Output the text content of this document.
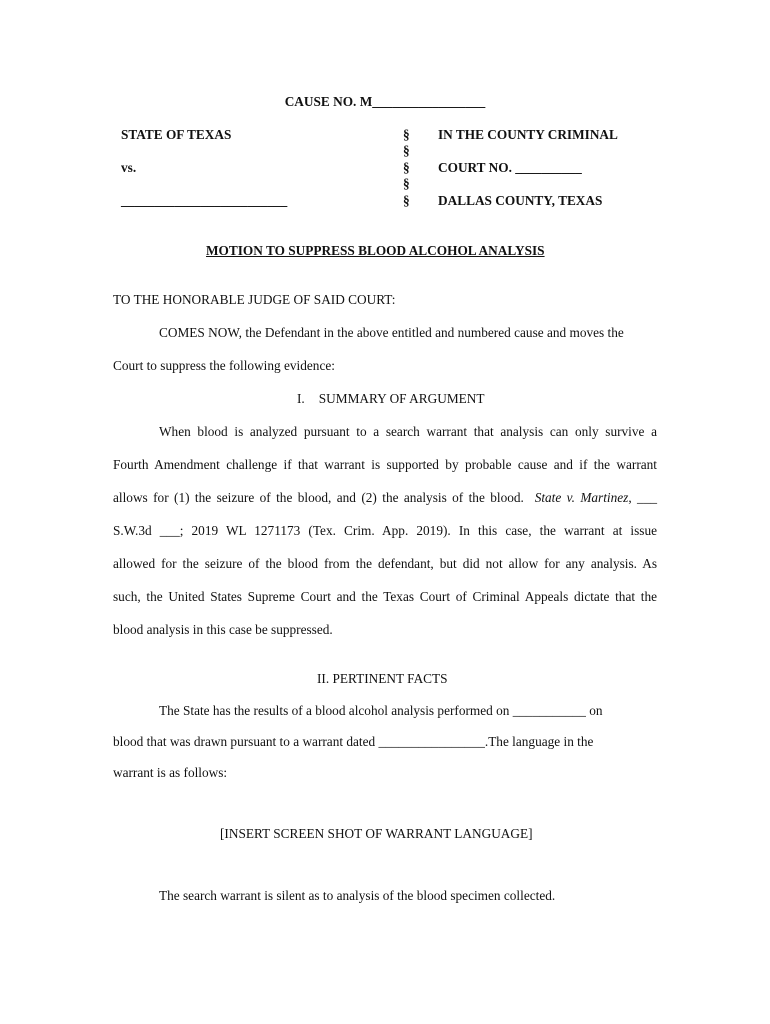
CAUSE NO. M_________________
STATE OF TEXAS
vs.
_________________________
§
§
§
§
§
IN THE COUNTY CRIMINAL
COURT NO. __________
DALLAS COUNTY, TEXAS
MOTION TO SUPPRESS BLOOD ALCOHOL ANALYSIS
TO THE HONORABLE JUDGE OF SAID COURT:
COMES NOW, the Defendant in the above entitled and numbered cause and moves the
Court to suppress the following evidence:
I. SUMMARY OF ARGUMENT
When blood is analyzed pursuant to a search warrant that analysis can only survive a
Fourth Amendment challenge if that warrant is supported by probable cause and if the warrant
allows for (1) the seizure of the blood, and (2) the analysis of the blood. State v. Martinez, ___
S.W.3d ___; 2019 WL 1271173 (Tex. Crim. App. 2019). In this case, the warrant at issue
allowed for the seizure of the blood from the defendant, but did not allow for any analysis. As
such, the United States Supreme Court and the Texas Court of Criminal Appeals dictate that the
blood analysis in this case be suppressed.
II. PERTINENT FACTS
The State has the results of a blood alcohol analysis performed on ___________ on
blood that was drawn pursuant to a warrant dated ________________.The language in the
warrant is as follows:
[INSERT SCREEN SHOT OF WARRANT LANGUAGE]
The search warrant is silent as to analysis of the blood specimen collected.
